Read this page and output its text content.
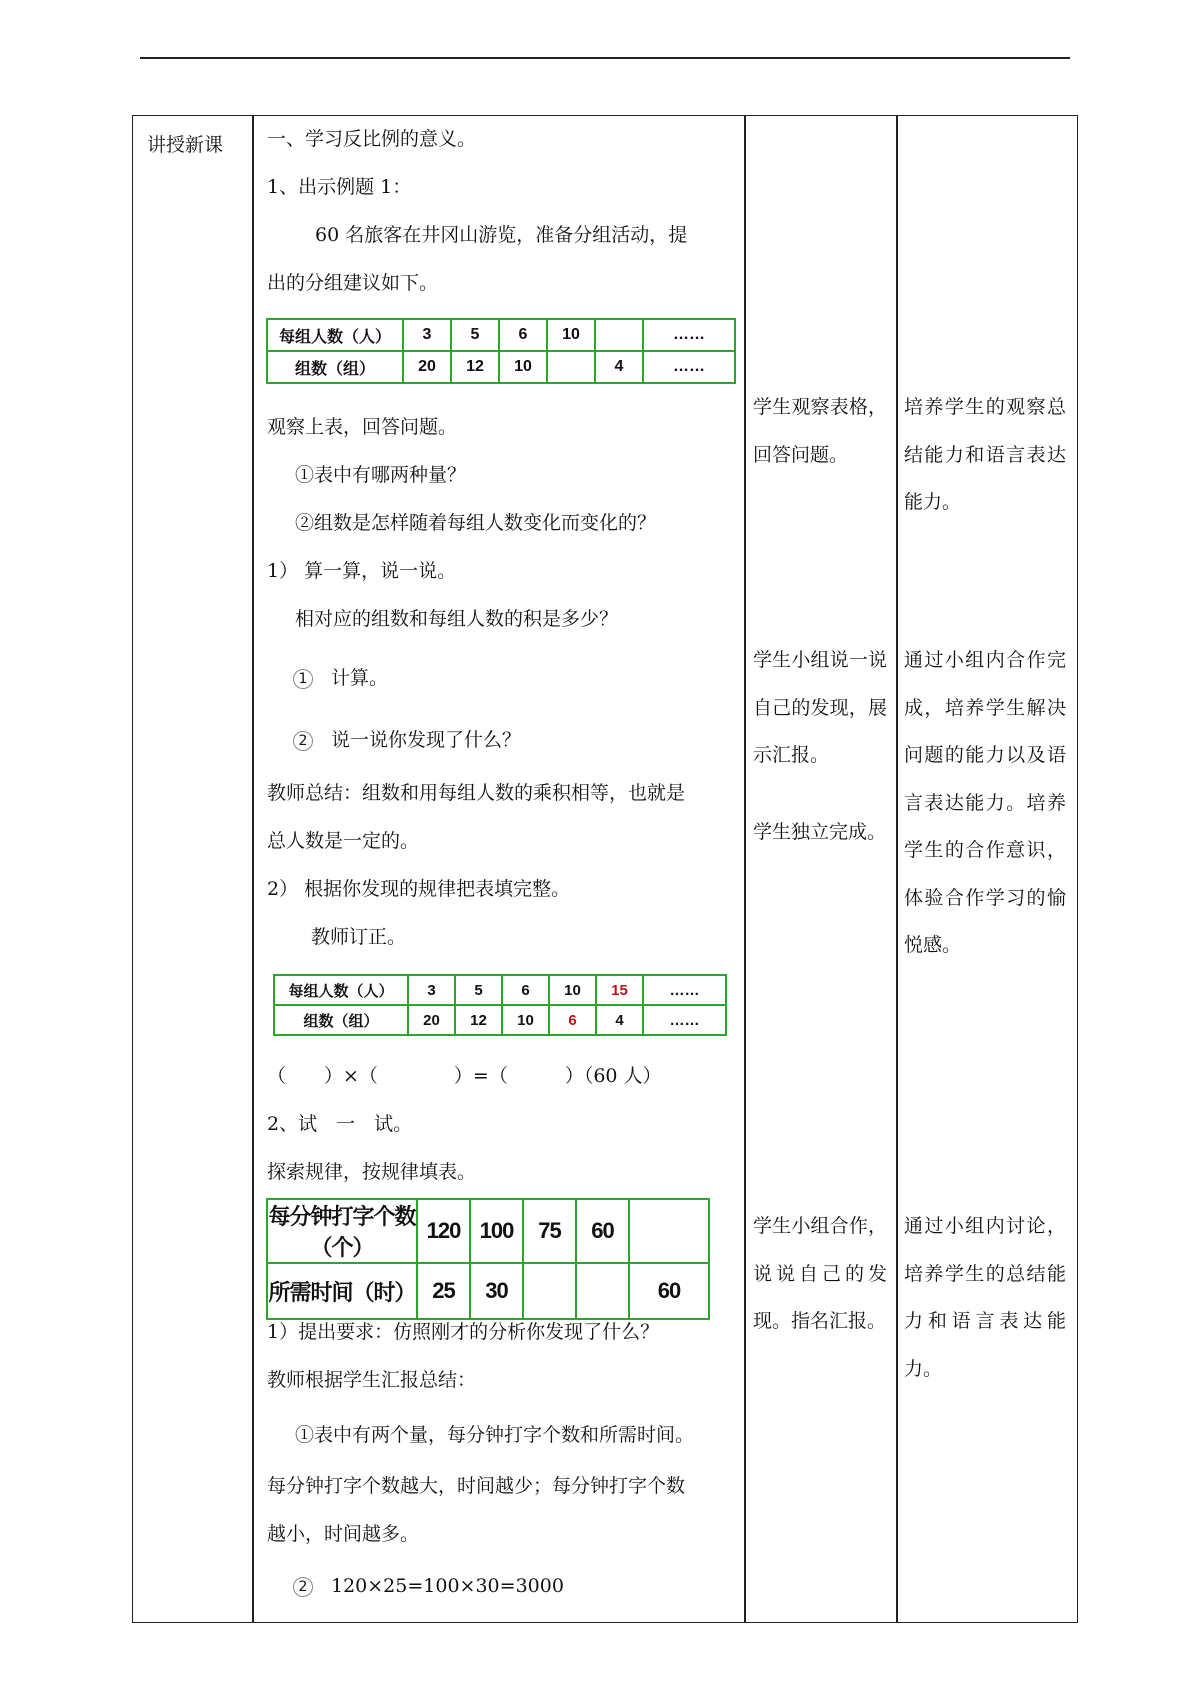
讲授新课 一、学习反比例的意义。
1、出示例题 1：
60 名旅客在井冈山游览，准备分组活动，提
出的分组建议如下。
每组人数（人）	3	5	6	10		……
组数（组）	20	12	10		4	……
观察上表，回答问题。
①表中有哪两种量？
②组数是怎样随着每组人数变化而变化的？
1） 算一算，说一说。
相对应的组数和每组人数的积是多少？
1 计算。
2 说一说你发现了什么？
教师总结：组数和用每组人数的乘积相等，也就是
总人数是一定的。
2） 根据你发现的规律把表填完整。
教师订正。
每组人数（人）	3	5	6	10	15	……
组数（组）	20	12	10	6	4	……
（　　）×（　　　　）=（　　　）（60 人）
2、试　一　试。
探索规律，按规律填表。
每分钟打字个数（个）	120	100	75	60	
所需时间（时）	25	30			60
1）提出要求：仿照刚才的分析你发现了什么？
教师根据学生汇报总结：
①表中有两个量，每分钟打字个数和所需时间。
每分钟打字个数越大，时间越少；每分钟打字个数
越小，时间越多。
2 120×25=100×30=3000
学生观察表格，回答问题。
学生小组说一说自己的发现，展示汇报。
学生独立完成。
学生小组合作，说说自己的发现。指名汇报。
培养学生的观察总结能力和语言表达能力。
通过小组内合作完成，培养学生解决问题的能力以及语言表达能力。培养学生的合作意识，体验合作学习的愉悦感。
通过小组内讨论，培养学生的总结能力和语言表达能力。
